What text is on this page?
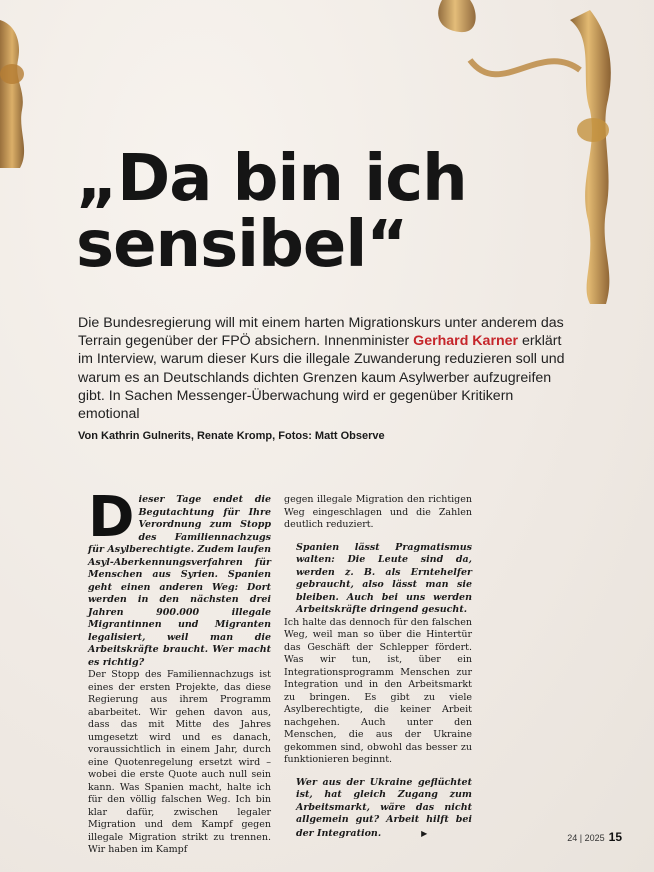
„Da bin ich
sensibel“

Die Bundesregierung will mit einem harten Migrationskurs unter anderem das Terrain gegenüber der FPÖ absichern. Innenminister Gerhard Karner erklärt im Interview, warum dieser Kurs die illegale Zuwanderung reduzieren soll und warum es an Deutschlands dichten Grenzen kaum Asylwerber aufzugreifen gibt. In Sachen Messenger-Überwachung wird er gegenüber Kritikern emotional

Von Kathrin Gulnerits, Renate Kromp, Fotos: Matt Observe

D ieser Tage endet die Begutachtung für Ihre Verordnung zum Stopp des Familiennachzugs für Asylberechtigte. Zudem laufen Asyl-Aberkennungsverfahren für Menschen aus Syrien. Spanien geht einen anderen Weg: Dort werden in den nächsten drei Jahren 900.000 illegale Migrantinnen und Migranten legalisiert, weil man die Arbeitskräfte braucht. Wer macht es richtig?

Der Stopp des Familiennachzugs ist eines der ersten Projekte, das diese Regierung aus ihrem Programm abarbeitet. Wir gehen davon aus, dass das mit Mitte des Jahres umgesetzt wird und es danach, voraussichtlich in einem Jahr, durch eine Quotenregelung ersetzt wird – wobei die erste Quote auch null sein kann. Was Spanien macht, halte ich für den völlig falschen Weg. Ich bin klar dafür, zwischen legaler Migration und dem Kampf gegen illegale Migration strikt zu trennen. Wir haben im Kampf

gegen illegale Migration den richtigen Weg eingeschlagen und die Zahlen deutlich reduziert.

Spanien lässt Pragmatismus walten: Die Leute sind da, werden z. B. als Erntehelfer gebraucht, also lässt man sie bleiben. Auch bei uns werden Arbeitskräfte dringend gesucht.

Ich halte das dennoch für den falschen Weg, weil man so über die Hintertür das Geschäft der Schlepper fördert. Was wir tun, ist, über ein Integrationsprogramm Menschen zur Integration und in den Arbeitsmarkt zu bringen. Es gibt zu viele Asylberechtigte, die keiner Arbeit nachgehen. Auch unter den Menschen, die aus der Ukraine gekommen sind, obwohl das besser zu funktionieren beginnt.

Wer aus der Ukraine geflüchtet ist, hat gleich Zugang zum Arbeitsmarkt, wäre das nicht allgemein gut? Arbeit hilft bei der Integration.	▶

24 | 2025 15
